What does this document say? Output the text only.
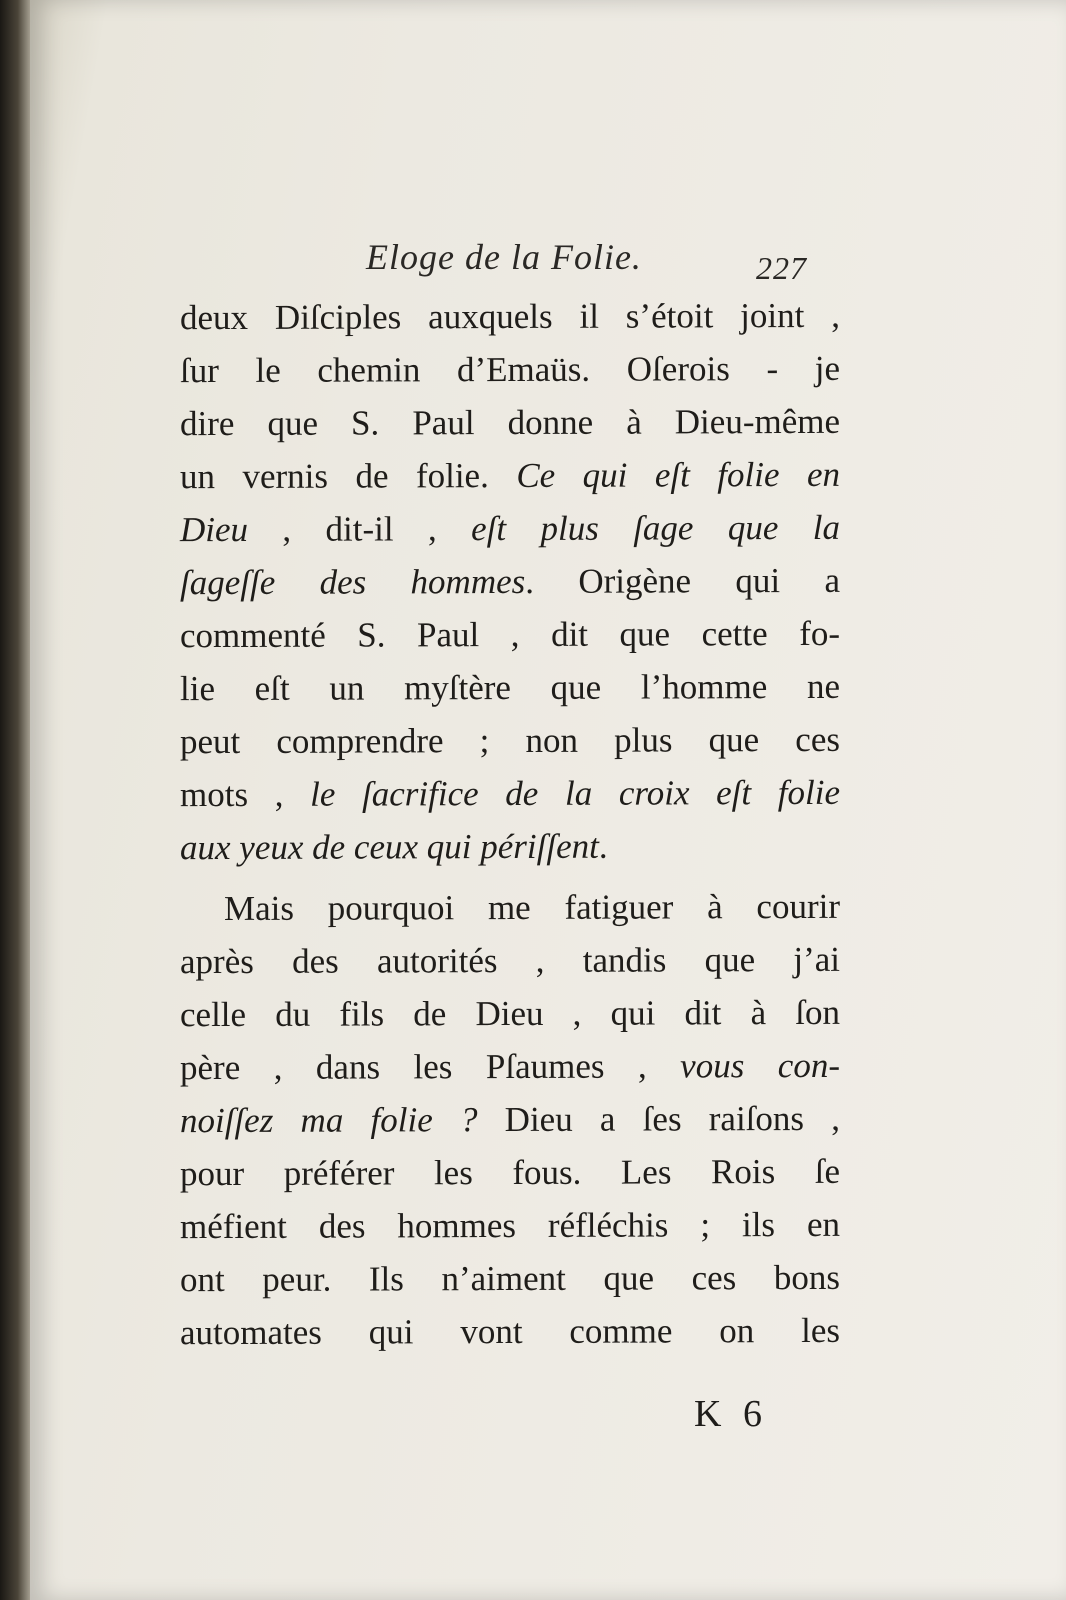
Eloge de la Folie.	227
deux Diſciples auxquels il s’étoit joint ,
ſur le chemin d’Emaüs. Oſerois - je
dire que S. Paul donne à Dieu-même
un vernis de folie. Ce qui eſt folie en
Dieu , dit-il , eſt plus ſage que la
ſageſſe des hommes. Origène qui a
commenté S. Paul , dit que cette fo-
lie eſt un myſtère que l’homme ne
peut comprendre ; non plus que ces
mots , le ſacrifice de la croix eſt folie
aux yeux de ceux qui périſſent.
Mais pourquoi me fatiguer à courir
après des autorités , tandis que j’ai
celle du fils de Dieu , qui dit à ſon
père , dans les Pſaumes , vous con-
noiſſez ma folie ? Dieu a ſes raiſons ,
pour préférer les fous. Les Rois ſe
méfient des hommes réfléchis ; ils en
ont peur. Ils n’aiment que ces bons
automates qui vont comme on les
K 6
